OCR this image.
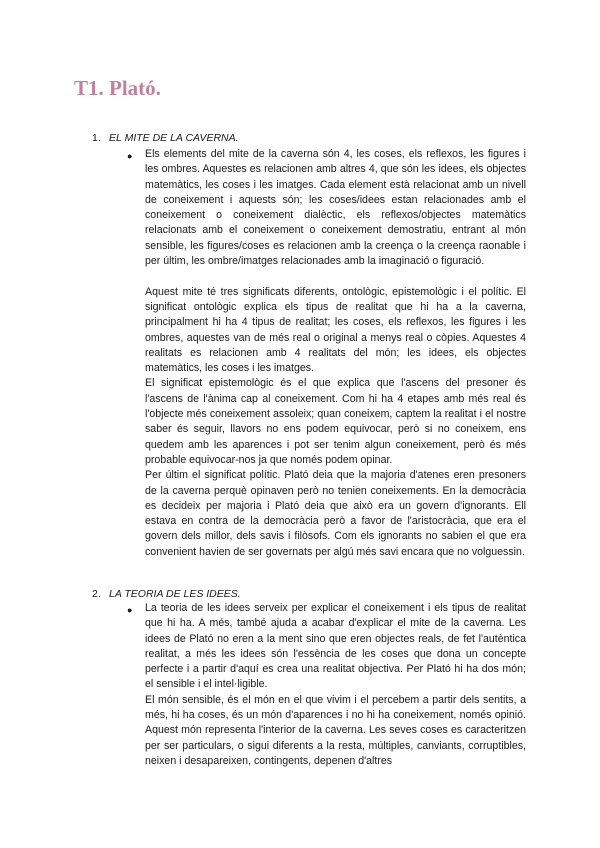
T1. Plató.
1. EL MITE DE LA CAVERNA.
● Els elements del mite de la caverna són 4, les coses, els reflexos, les figures i les ombres. Aquestes es relacionen amb altres 4, que són les idees, els objectes matemàtics, les coses i les imatges. Cada element està relacionat amb un nivell de coneixement i aquests són; les coses/idees estan relacionades amb el coneixement o coneixement dialèctic, els reflexos/objectes matemàtics relacionats amb el coneixement o coneixement demostratiu, entrant al món sensible, les figures/coses es relacionen amb la creença o la creença raonable i per últim, les ombre/imatges relacionades amb la imaginació o figuració.

Aquest mite té tres significats diferents, ontològic, epistemològic i el polític. El significat ontològic explica els tipus de realitat que hi ha a la caverna, principalment hi ha 4 tipus de realitat; les coses, els reflexos, les figures i les ombres, aquestes van de més real o original a menys real o còpies. Aquestes 4 realitats es relacionen amb 4 realitats del món; les idees, els objectes matemàtics, les coses i les imatges.

El significat epistemològic és el que explica que l'ascens del presoner és l'ascens de l'ànima cap al coneixement. Com hi ha 4 etapes amb més real és l'objecte més coneixement assoleix; quan coneixem, captem la realitat i el nostre saber és seguir, llavors no ens podem equivocar, però si no coneixem, ens quedem amb les aparences i pot ser tenim algun coneixement, però és més probable equivocar-nos ja que només podem opinar.

Per últim el significat polític. Plató deia que la majoria d'atenes eren presoners de la caverna perquè opinaven però no tenien coneixements. En la democràcia es decideix per majoria i Plató deia que això era un govern d'ignorants. Ell estava en contra de la democràcia però a favor de l'aristocràcia, que era el govern dels millor, dels savis i filòsofs. Com els ignorants no sabien el que era convenient havien de ser governats per algú més savi encara que no volguessin.

2. LA TEORIA DE LES IDEES.
● La teoria de les idees serveix per explicar el coneixement i els tipus de realitat que hi ha. A més, també ajuda a acabar d'explicar el mite de la caverna. Les idees de Plató no eren a la ment sino que eren objectes reals, de fet l'autèntica realitat, a més les idees són l'essència de les coses que dona un concepte perfecte i a partir d'aquí es crea una realitat objectiva. Per Plató hi ha dos món; el sensible i el intel·ligible.

El món sensible, és el món en el que vivim i el percebem a partir dels sentits, a més, hi ha coses, és un món d'aparences i no hi ha coneixement, només opinió. Aquest món representa l'interior de la caverna. Les seves coses es caracteritzen per ser particulars, o sigui diferents a la resta, múltiples, canviants, corruptibles, neixen i desapareixen, contingents, depenen d'altres
